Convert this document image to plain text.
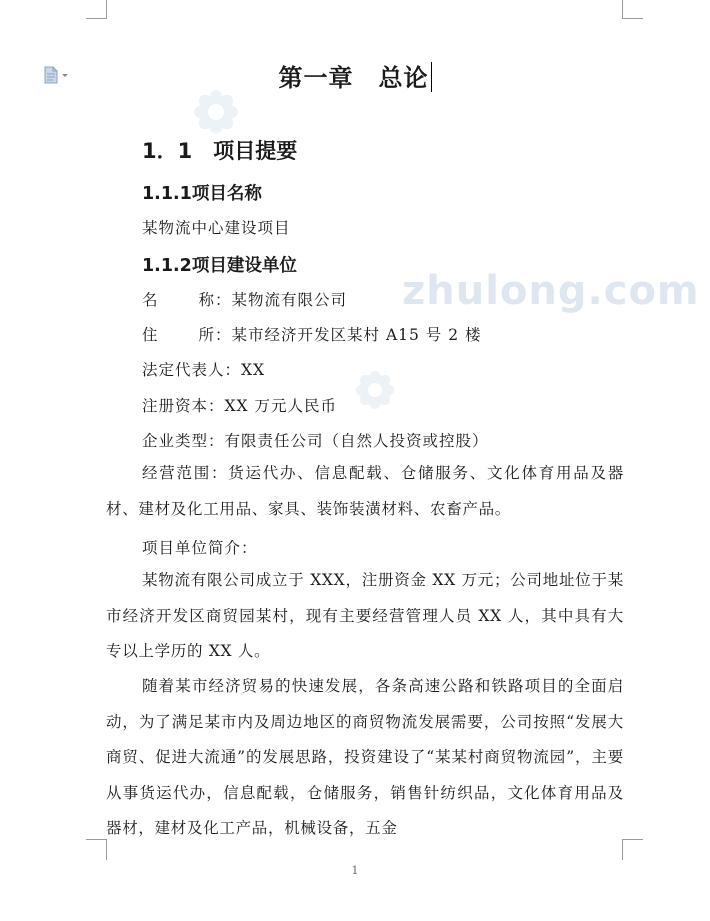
zhulong.com
第一章　总论
1．1　项目提要
1.1.1项目名称
某物流中心建设项目
1.1.2项目建设单位
名	称：某物流有限公司
住	所：某市经济开发区某村 A15 号 2 楼
法定代表人：XX
注册资本：XX 万元人民币
企业类型：有限责任公司（自然人投资或控股）
经营范围：货运代办、信息配载、仓储服务、文化体育用品及器材、建材及化工用品、家具、装饰装潢材料、农畜产品。
项目单位简介：
某物流有限公司成立于 XXX，注册资金 XX 万元；公司地址位于某市经济开发区商贸园某村，现有主要经营管理人员 XX 人，其中具有大专以上学历的 XX 人。
随着某市经济贸易的快速发展，各条高速公路和铁路项目的全面启动，为了满足某市内及周边地区的商贸物流发展需要，公司按照“发展大商贸、促进大流通”的发展思路，投资建设了“某某村商贸物流园”，主要从事货运代办，信息配载，仓储服务，销售针纺织品，文化体育用品及器材，建材及化工产品，机械设备，五金
1
